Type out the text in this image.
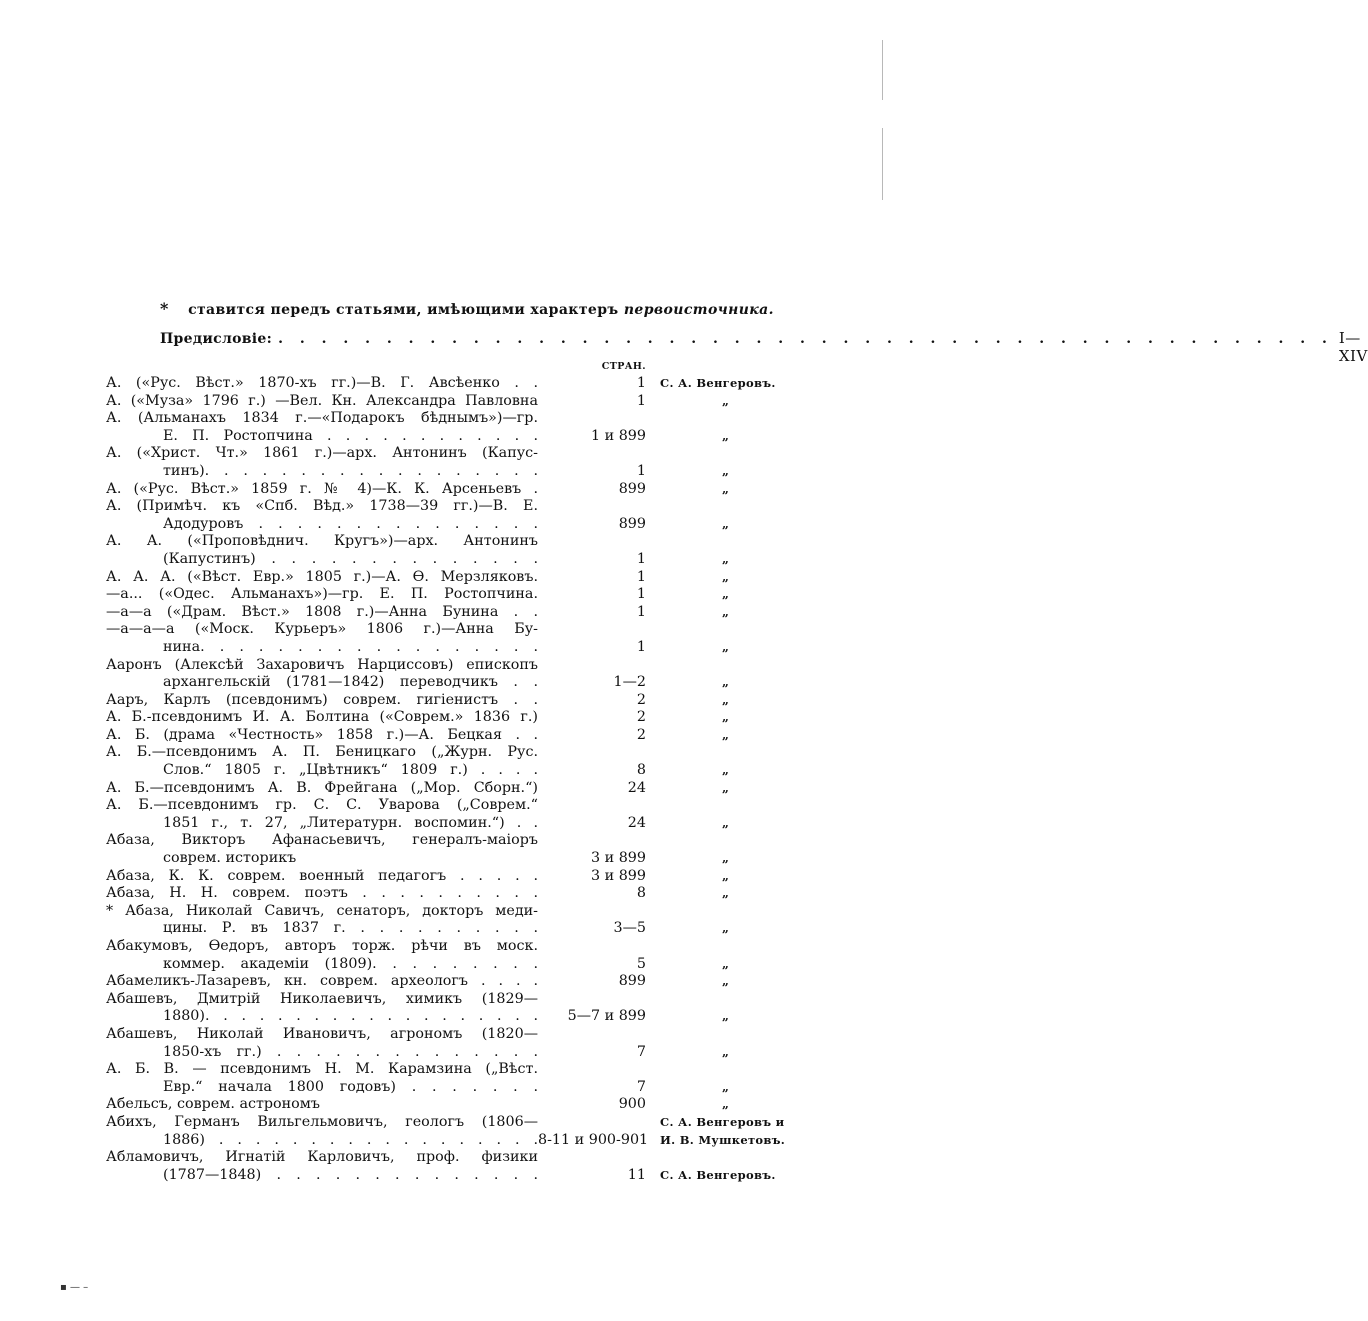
▪ — –
* ставится передъ статьями, имѣющими характеръ первоисточника.
Предисловiе: . . . . . . . . . . . . . . . . . . . . . . . . . . . . . . . . . . . . . . . . . . . . . . . . . I—XIV
СТРАН.
А. («Рус. Вѣст.» 1870-хъ гг.)—В. Г. Авсѣенко . .	1	С. А. Венгеровъ.
А. («Муза» 1796 г.) —Вел. Кн. Александра Павловна	1	„
А. (Альманахъ 1834 г.—«Подарокъ бѣднымъ»)—гр.
Е. П. Ростопчина . . . . . . . . . . . .	1 и 899	„
А. («Христ. Чт.» 1861 г.)—арх. Антонинъ (Капус-
тинъ). . . . . . . . . . . . . . . . . .	1	„
А. («Рус. Вѣст.» 1859 г. № 4)—К. К. Арсеньевъ .	899	„
А. (Примѣч. къ «Спб. Вѣд.» 1738—39 гг.)—В. Е.
Адодуровъ . . . . . . . . . . . . . . .	899	„
А. А. («Проповѣднич. Кругъ»)—арх. Антонинъ
(Капустинъ) . . . . . . . . . . . . . .	1	„
А. А. А. («Вѣст. Евр.» 1805 г.)—А. Ѳ. Мерзляковъ.	1	„
—а... («Одес. Альманахъ»)—гр. Е. П. Ростопчина.	1	„
—а—а («Драм. Вѣст.» 1808 г.)—Анна Бунина . .	1	„
—а—а—а («Моск. Курьеръ» 1806 г.)—Анна Бу-
нина. . . . . . . . . . . . . . . . . .	1	„
Ааронъ (Алексѣй Захаровичъ Нарциссовъ) епископъ
архангельскій (1781—1842) переводчикъ . .	1—2	„
Ааръ, Карлъ (псевдонимъ) соврем. гигіенистъ . .	2	„
А. Б.-псевдонимъ И. А. Болтина («Соврем.» 1836 г.)	2	„
А. Б. (драма «Честность» 1858 г.)—А. Бецкая . .	2	„
А. Б.—псевдонимъ А. П. Беницкаго („Журн. Рус.
Слов.“ 1805 г. „Цвѣтникъ“ 1809 г.) . . . .	8	„
А. Б.—псевдонимъ А. В. Фрейгана („Мор. Сборн.“)	24	„
А. Б.—псевдонимъ гр. С. С. Уварова („Соврем.“
1851 г., т. 27, „Литературн. воспомин.“) . .	24	„
Абаза, Викторъ Афанасьевичъ, генералъ-маіоръ
соврем. историкъ	3 и 899	„
Абаза, К. К. соврем. военный педагогъ . . . . .	3 и 899	„
Абаза, Н. Н. соврем. поэтъ . . . . . . . . . .	8	„
* Абаза, Николай Савичъ, сенаторъ, докторъ меди-
цины. Р. въ 1837 г. . . . . . . . . . .	3—5	„
Абакумовъ, Ѳедоръ, авторъ торж. рѣчи въ моск.
коммер. академіи (1809). . . . . . . . .	5	„
Абамеликъ-Лазаревъ, кн. соврем. археологъ . . . .	899	„
Абашевъ, Дмитрій Николаевичъ, химикъ (1829—
1880). . . . . . . . . . . . . . . . . . .	5—7 и 899	„
Абашевъ, Николай Ивановичъ, агрономъ (1820—
1850-хъ гг.) . . . . . . . . . . . . . .	7	„
А. Б. В. — псевдонимъ Н. М. Карамзина („Вѣст.
Евр.“ начала 1800 годовъ) . . . . . . .	7	„
Абельсъ, соврем. астрономъ	900	„
Абихъ, Германъ Вильгельмовичъ, геологъ (1806—	С. А. Венгеровъ и
1886) . . . . . . . . . . . . . . . . . . 8-11 и 900-901	И. В. Мушкетовъ.
Абламовичъ, Игнатій Карловичъ, проф. физики
(1787—1848) . . . . . . . . . . . . . .	11	С. А. Венгеровъ.
